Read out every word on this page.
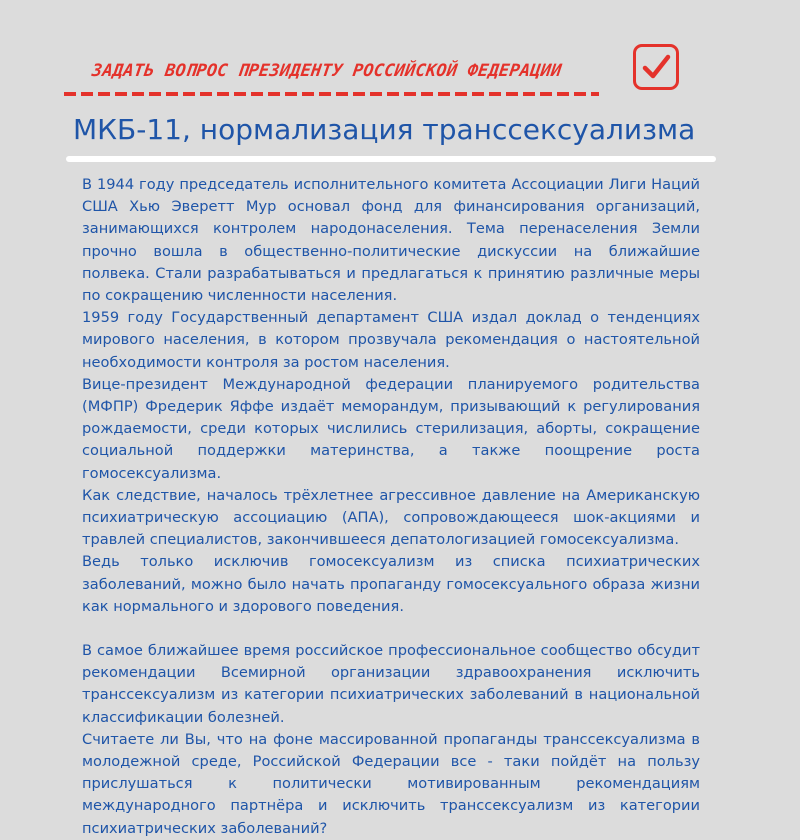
ЗАДАТЬ ВОПРОС ПРЕЗИДЕНТУ РОССИЙСКОЙ ФЕДЕРАЦИИ
МКБ-11, нормализация транссексуализма

В 1944 году председатель исполнительного комитета Ассоциации Лиги Наций США Хью Эверетт Мур основал фонд для финансирования организаций, занимающихся контролем народонаселения. Тема перенаселения Земли прочно вошла в общественно-политические дискуссии на ближайшие полвека. Стали разрабатываться и предлагаться к принятию различные меры по сокращению численности населения.

1959 году Государственный департамент США издал доклад о тенденциях мирового населения, в котором прозвучала рекомендация о настоятельной необходимости контроля за ростом населения.

Вице-президент Международной федерации планируемого родительства (МФПР) Фредерик Яффе издаёт меморандум, призывающий к регулирования рождаемости, среди которых числились стерилизация, аборты, сокращение социальной поддержки материнства, а также поощрение роста гомосексуализма.

Как следствие, началось трёхлетнее агрессивное давление на Американскую психиатрическую ассоциацию (АПА), сопровождающееся шок-акциями и травлей специалистов, закончившееся депатологизацией гомосексуализма.

Ведь только исключив гомосексуализм из списка психиатрических заболеваний, можно было начать пропаганду гомосексуального образа жизни как нормального и здорового поведения.

В самое ближайшее время российское профессиональное сообщество обсудит рекомендации Всемирной организации здравоохранения исключить транссексуализм из категории психиатрических заболеваний в национальной классификации болезней.

Считаете ли Вы, что на фоне массированной пропаганды транссексуализма в молодежной среде, Российской Федерации все - таки пойдёт на пользу прислушаться к политически мотивированным рекомендациям международного партнёра и исключить транссексуализм из категории психиатрических заболеваний?
